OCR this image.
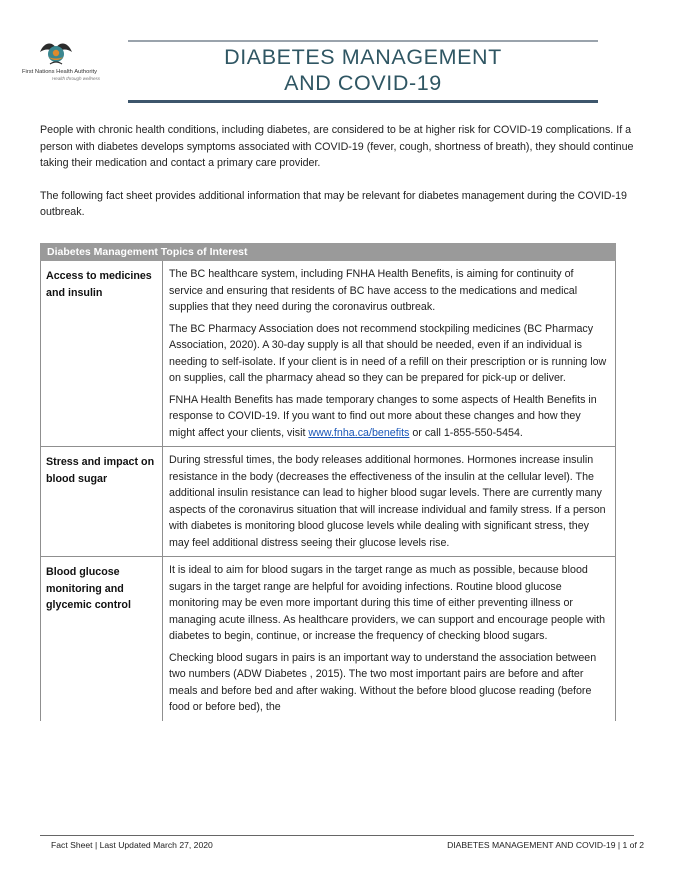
First Nations Health Authority
Health through wellness
DIABETES MANAGEMENT
AND COVID-19

People with chronic health conditions, including diabetes, are considered to be at higher risk for COVID-19 complications. If a person with diabetes develops symptoms associated with COVID-19 (fever, cough, shortness of breath), they should continue taking their medication and contact a primary care provider.

The following fact sheet provides additional information that may be relevant for diabetes management during the COVID-19 outbreak.

Diabetes Management Topics of Interest	
Access to medicines and insulin	The BC healthcare system, including FNHA Health Benefits, is aiming for continuity of service and ensuring that residents of BC have access to the medications and medical supplies that they need during the coronavirus outbreak.

The BC Pharmacy Association does not recommend stockpiling medicines (BC Pharmacy Association, 2020). A 30-day supply is all that should be needed, even if an individual is needing to self-isolate. If your client is in need of a refill on their prescription or is running low on supplies, call the pharmacy ahead so they can be prepared for pick-up or deliver.

FNHA Health Benefits has made temporary changes to some aspects of Health Benefits in response to COVID-19. If you want to find out more about these changes and how they might affect your clients, visit www.fnha.ca/benefits or call 1-855-550-5454.

Stress and impact on blood sugar	During stressful times, the body releases additional hormones. Hormones increase insulin resistance in the body (decreases the effectiveness of the insulin at the cellular level). The additional insulin resistance can lead to higher blood sugar levels. There are currently many aspects of the coronavirus situation that will increase individual and family stress. If a person with diabetes is monitoring blood glucose levels while dealing with significant stress, they may feel additional distress seeing their glucose levels rise.

Blood glucose monitoring and glycemic control	It is ideal to aim for blood sugars in the target range as much as possible, because blood sugars in the target range are helpful for avoiding infections. Routine blood glucose monitoring may be even more important during this time of either preventing illness or managing acute illness. As healthcare providers, we can support and encourage people with diabetes to begin, continue, or increase the frequency of checking blood sugars.

Checking blood sugars in pairs is an important way to understand the association between two numbers (ADW Diabetes , 2015). The two most important pairs are before and after meals and before bed and after waking. Without the before blood glucose reading (before food or before bed), the

Fact Sheet | Last Updated March 27, 2020	DIABETES MANAGEMENT AND COVID-19 | 1 of 2
